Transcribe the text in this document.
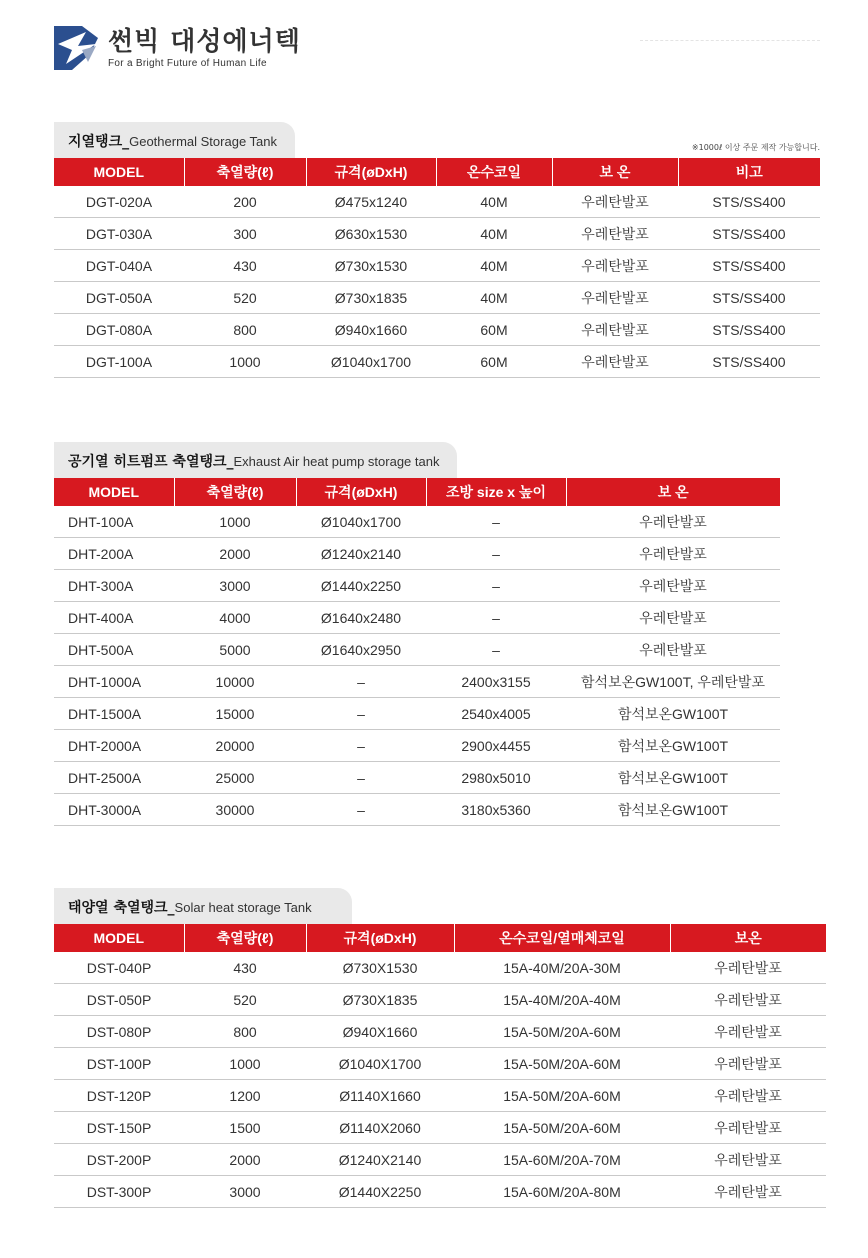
썬빅 대성에너텍
For a Bright Future of Human Life
지열탱크_Geothermal Storage Tank	※1000ℓ 이상 주문 제작 가능합니다.
MODEL	축열량(ℓ)	규격(øDxH)	온수코일	보 온	비고
DGT-020A	200	Ø475x1240	40M	우레탄발포	STS/SS400
DGT-030A	300	Ø630x1530	40M	우레탄발포	STS/SS400
DGT-040A	430	Ø730x1530	40M	우레탄발포	STS/SS400
DGT-050A	520	Ø730x1835	40M	우레탄발포	STS/SS400
DGT-080A	800	Ø940x1660	60M	우레탄발포	STS/SS400
DGT-100A	1000	Ø1040x1700	60M	우레탄발포	STS/SS400
공기열 히트펌프 축열탱크_Exhaust Air heat pump storage tank
MODEL	축열량(ℓ)	규격(øDxH)	조방 size x 높이	보 온
DHT-100A	1000	Ø1040x1700	–	우레탄발포
DHT-200A	2000	Ø1240x2140	–	우레탄발포
DHT-300A	3000	Ø1440x2250	–	우레탄발포
DHT-400A	4000	Ø1640x2480	–	우레탄발포
DHT-500A	5000	Ø1640x2950	–	우레탄발포
DHT-1000A	10000	–	2400x3155	함석보온GW100T, 우레탄발포
DHT-1500A	15000	–	2540x4005	함석보온GW100T
DHT-2000A	20000	–	2900x4455	함석보온GW100T
DHT-2500A	25000	–	2980x5010	함석보온GW100T
DHT-3000A	30000	–	3180x5360	함석보온GW100T
태양열 축열탱크_Solar heat storage Tank
MODEL	축열량(ℓ)	규격(øDxH)	온수코일/열매체코일	보온
DST-040P	430	Ø730X1530	15A-40M/20A-30M	우레탄발포
DST-050P	520	Ø730X1835	15A-40M/20A-40M	우레탄발포
DST-080P	800	Ø940X1660	15A-50M/20A-60M	우레탄발포
DST-100P	1000	Ø1040X1700	15A-50M/20A-60M	우레탄발포
DST-120P	1200	Ø1140X1660	15A-50M/20A-60M	우레탄발포
DST-150P	1500	Ø1140X2060	15A-50M/20A-60M	우레탄발포
DST-200P	2000	Ø1240X2140	15A-60M/20A-70M	우레탄발포
DST-300P	3000	Ø1440X2250	15A-60M/20A-80M	우레탄발포
